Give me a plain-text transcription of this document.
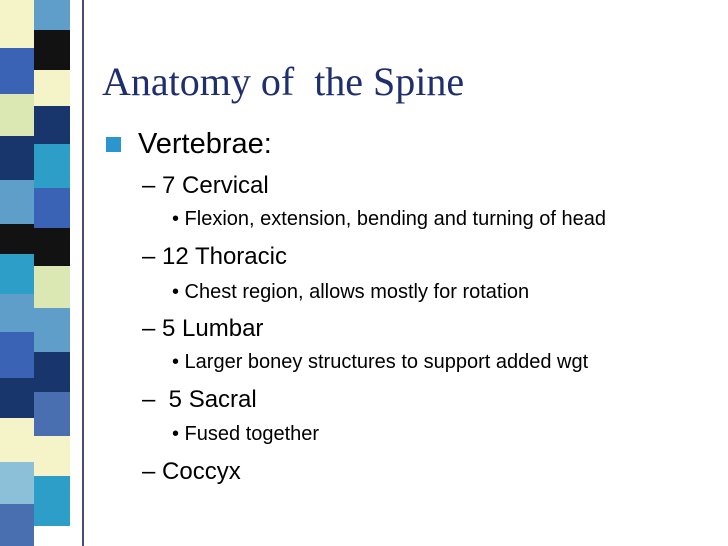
Anatomy of  the Spine

Vertebrae:

– 7 Cervical

• Flexion, extension, bending and turning of head

– 12 Thoracic

• Chest region, allows mostly for rotation

– 5 Lumbar

• Larger boney structures to support added wgt

–  5 Sacral

• Fused together

– Coccyx
